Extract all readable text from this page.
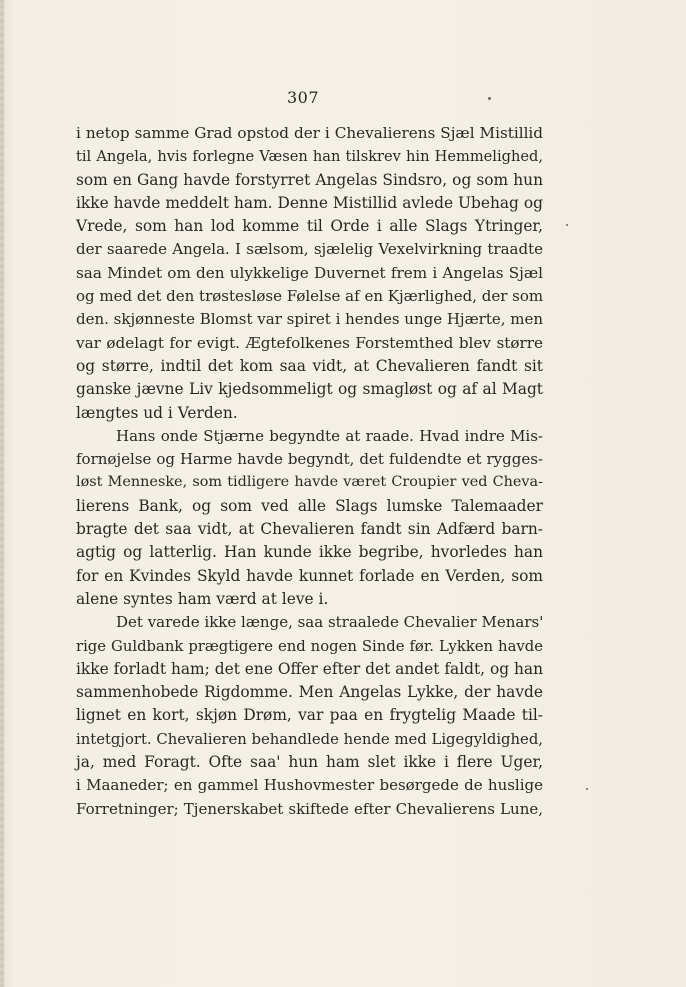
307
i netop samme Grad opstod der i Chevalierens Sjæl Mistillid
til Angela, hvis forlegne Væsen han tilskrev hin Hemmelighed,
som en Gang havde forstyrret Angelas Sindsro, og som hun
ikke havde meddelt ham. Denne Mistillid avlede Ubehag og
Vrede, som han lod komme til Orde i alle Slags Ytringer,
der saarede Angela. I sælsom, sjælelig Vexelvirkning traadte
saa Mindet om den ulykkelige Duvernet frem i Angelas Sjæl
og med det den trøstesløse Følelse af en Kjærlighed, der som
den. skjønneste Blomst var spiret i hendes unge Hjærte, men
var ødelagt for evigt. Ægtefolkenes Forstemthed blev større
og større, indtil det kom saa vidt, at Chevalieren fandt sit
ganske jævne Liv kjedsommeligt og smagløst og af al Magt
længtes ud i Verden.
Hans onde Stjærne begyndte at raade. Hvad indre Mis-
fornøjelse og Harme havde begyndt, det fuldendte et rygges-
løst Menneske, som tidligere havde været Croupier ved Cheva-
lierens Bank, og som ved alle Slags lumske Talemaader
bragte det saa vidt, at Chevalieren fandt sin Adfærd barn-
agtig og latterlig. Han kunde ikke begribe, hvorledes han
for en Kvindes Skyld havde kunnet forlade en Verden, som
alene syntes ham værd at leve i.
Det varede ikke længe, saa straalede Chevalier Menars'
rige Guldbank prægtigere end nogen Sinde før. Lykken havde
ikke forladt ham; det ene Offer efter det andet faldt, og han
sammenhobede Rigdomme. Men Angelas Lykke, der havde
lignet en kort, skjøn Drøm, var paa en frygtelig Maade til-
intetgjort. Chevalieren behandlede hende med Ligegyldighed,
ja, med Foragt. Ofte saa' hun ham slet ikke i flere Uger,
i Maaneder; en gammel Hushovmester besørgede de huslige
Forretninger; Tjenerskabet skiftede efter Chevalierens Lune,
